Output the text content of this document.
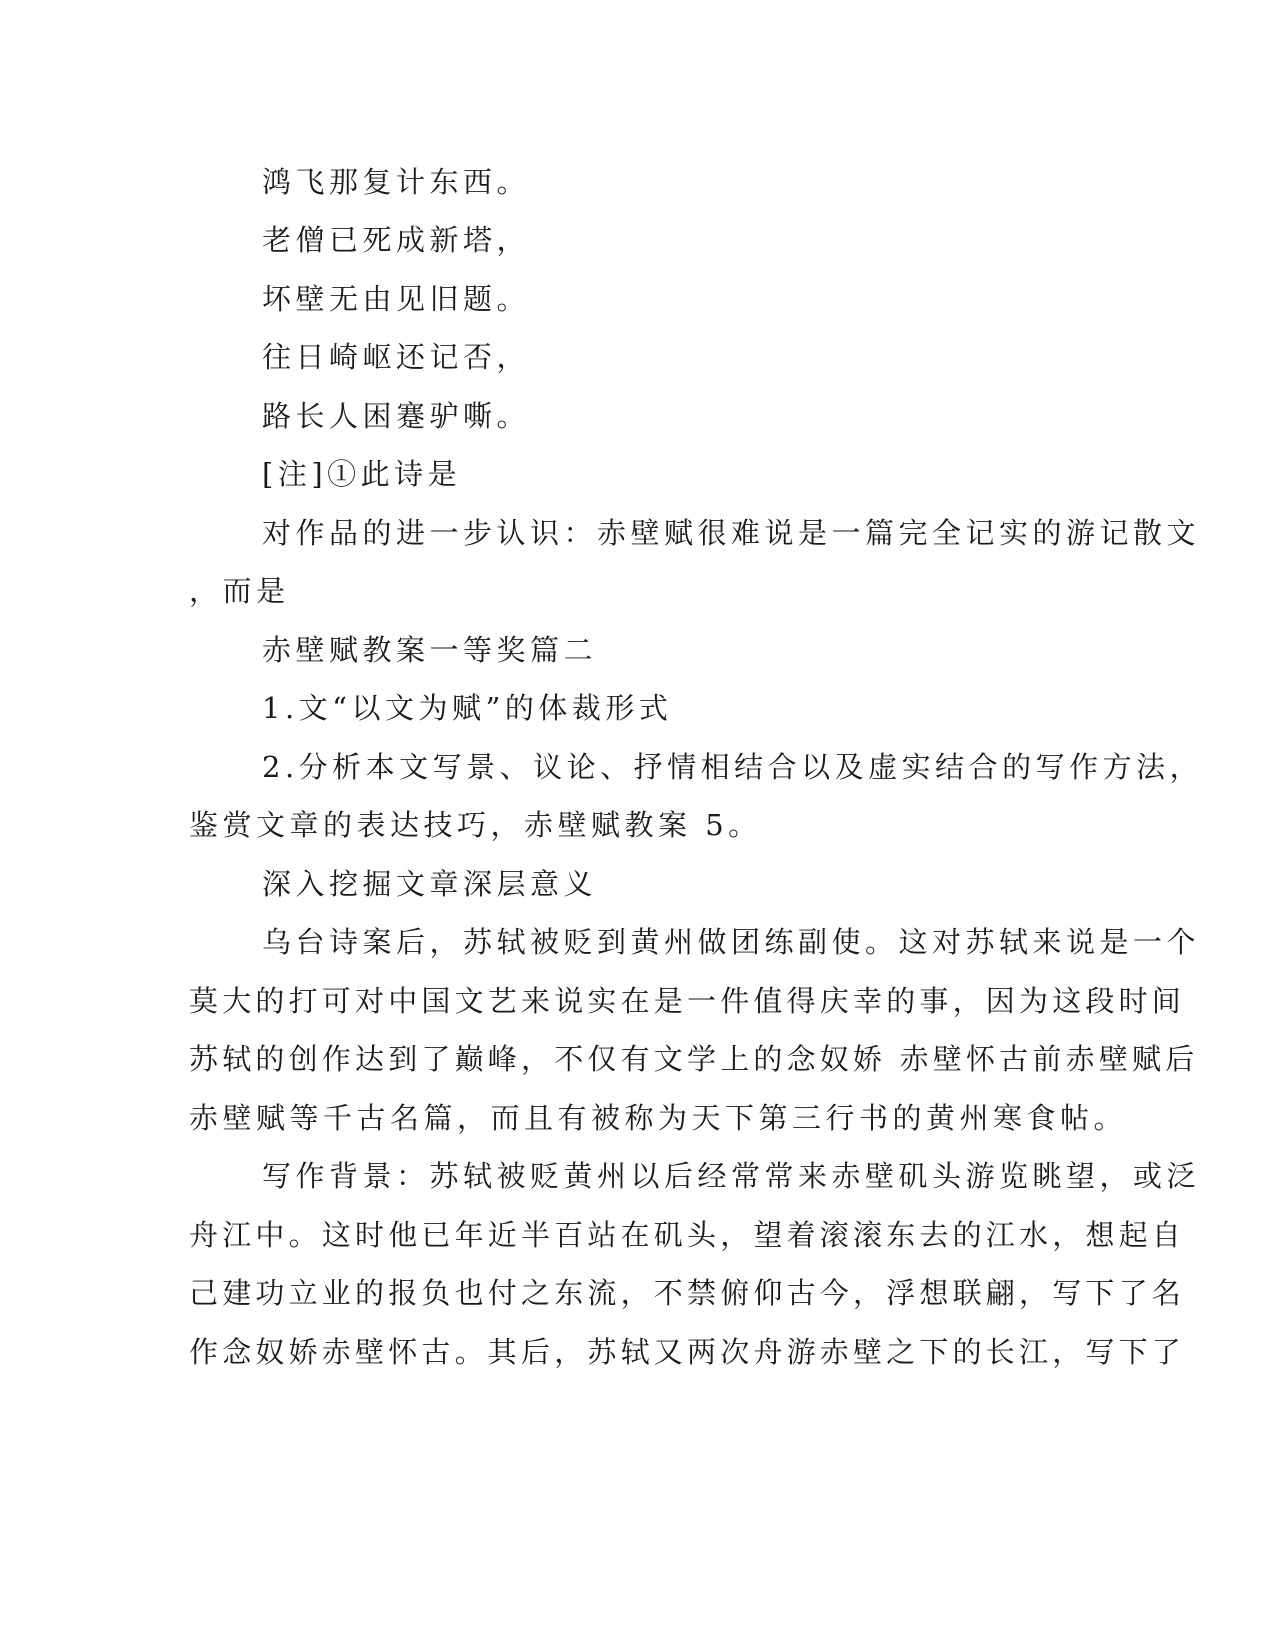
鸿飞那复计东西。

老僧已死成新塔，

坏壁无由见旧题。

往日崎岖还记否，

路长人困蹇驴嘶。

[注]①此诗是

对作品的进一步认识：赤壁赋很难说是一篇完全记实的游记散文

，而是

赤壁赋教案一等奖篇二

1.文“以文为赋”的体裁形式

2.分析本文写景、议论、抒情相结合以及虚实结合的写作方法，

鉴赏文章的表达技巧，赤壁赋教案 5。

深入挖掘文章深层意义

乌台诗案后，苏轼被贬到黄州做团练副使。这对苏轼来说是一个

莫大的打可对中国文艺来说实在是一件值得庆幸的事，因为这段时间

苏轼的创作达到了巅峰，不仅有文学上的念奴娇 赤壁怀古前赤壁赋后

赤壁赋等千古名篇，而且有被称为天下第三行书的黄州寒食帖。

写作背景：苏轼被贬黄州以后经常常来赤壁矶头游览眺望，或泛

舟江中。这时他已年近半百站在矶头，望着滚滚东去的江水，想起自

己建功立业的报负也付之东流，不禁俯仰古今，浮想联翩，写下了名

作念奴娇赤壁怀古。其后，苏轼又两次舟游赤壁之下的长江，写下了
